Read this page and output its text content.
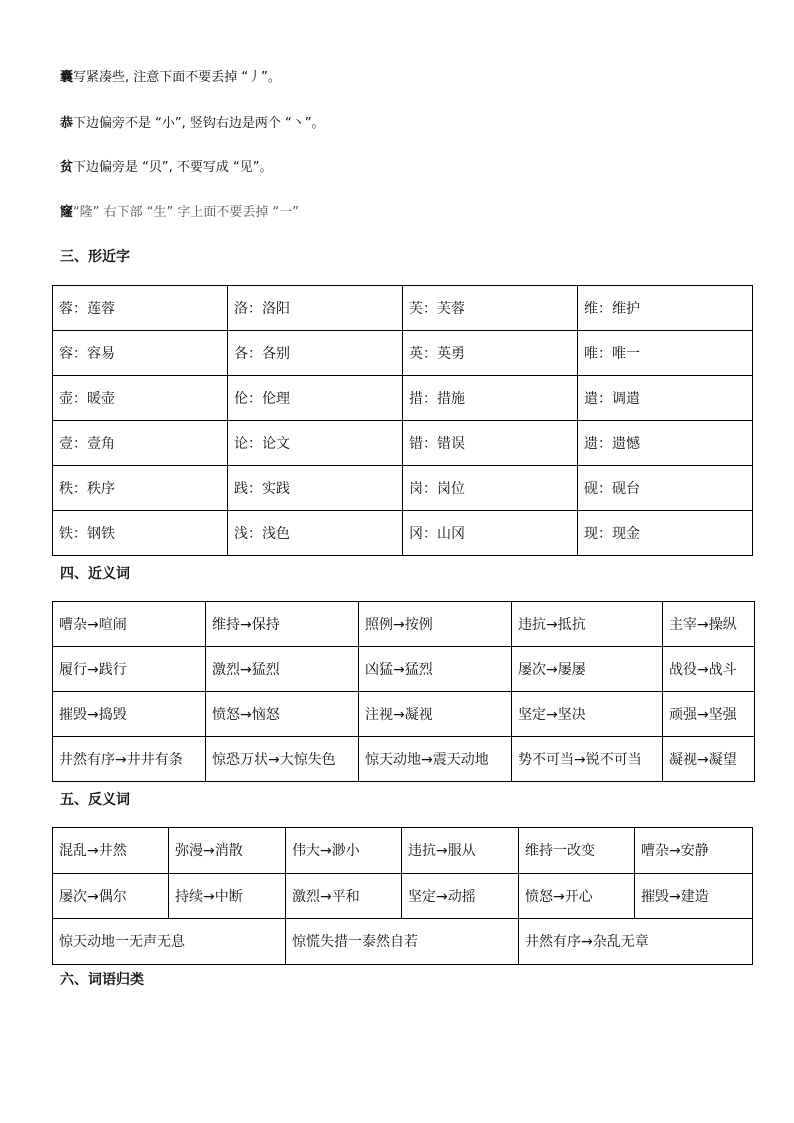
囊写紧凑些, 注意下面不要丢掉 “丿”。
恭下边偏旁不是 “小”, 竖钩右边是两个 “丶”。
贫下边偏旁是 “贝”, 不要写成 “见”。
窿“隆” 右下部 “生” 字上面不要丢掉 “一”
三、形近字
蓉：莲蓉	洛：洛阳	芙：芙蓉	维：维护
容：容易	各：各别	英：英勇	唯：唯一
壶：暖壶	伦：伦理	措：措施	遣：调遣
壹：壹角	论：论文	错：错误	遗：遗憾
秩：秩序	践：实践	岗：岗位	砚：砚台
铁：钢铁	浅：浅色	冈：山冈	现：现金
四、近义词
嘈杂→喧闹	维持→保持	照例→按例	违抗→抵抗	主宰→操纵
履行→践行	激烈→猛烈	凶猛→猛烈	屡次→屡屡	战役→战斗
摧毁→捣毁	愤怒→恼怒	注视→凝视	坚定→坚决	顽强→坚强
井然有序→井井有条	惊恐万状→大惊失色	惊天动地→震天动地	势不可当→锐不可当	凝视→凝望
五、反义词
混乱→井然	弥漫→消散	伟大→渺小	违抗→服从	维持一改变	嘈杂→安静
屡次→偶尔	持续→中断	激烈→平和	坚定→动摇	愤怒→开心	摧毁→建造
惊天动地一无声无息		惊慌失措一泰然自若		井然有序→杂乱无章	
六、词语归类
